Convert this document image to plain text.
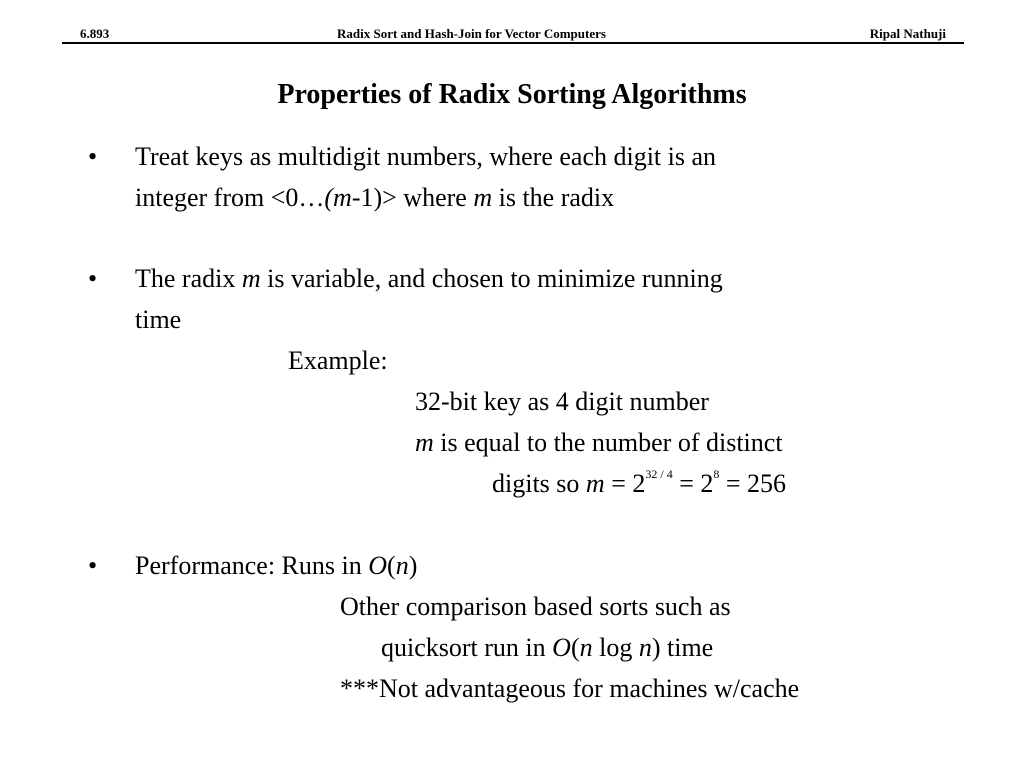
6.893	Radix Sort and Hash-Join for Vector Computers	Ripal Nathuji
Properties of Radix Sorting Algorithms
• Treat keys as multidigit numbers, where each digit is an
integer from <0…(m-1)> where m is the radix
• The radix m is variable, and chosen to minimize running
time
Example:
32-bit key as 4 digit number
m is equal to the number of distinct
digits so $m = 2^{32 / 4} = 2^8 = 256$
• Performance: Runs in O(n)
Other comparison based sorts such as
quicksort run in O(n log n) time
***Not advantageous for machines w/cache
